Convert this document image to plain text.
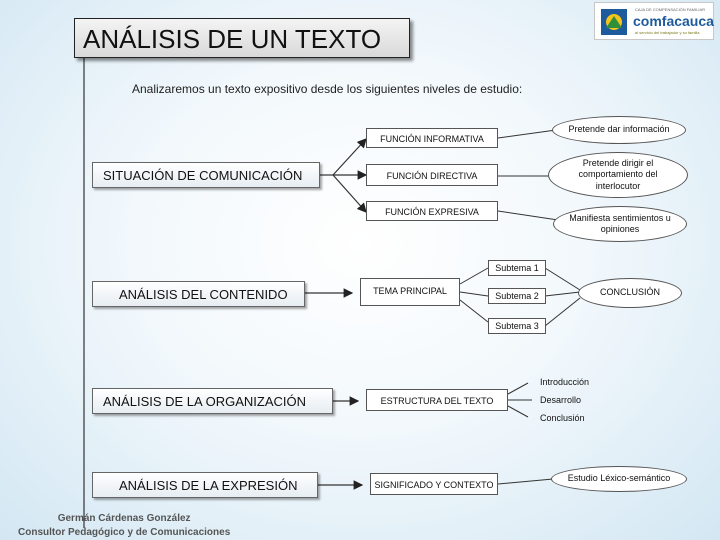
ANÁLISIS DE UN TEXTO
CAJA DE COMPENSACIÓN FAMILIAR
comfacauca
al servicio del trabajador y su familia
Analizaremos un texto expositivo desde los siguientes niveles de estudio:
SITUACIÓN DE COMUNICACIÓN
FUNCIÓN INFORMATIVA
FUNCIÓN DIRECTIVA
FUNCIÓN EXPRESIVA
Pretende dar información
Pretende dirigir el comportamiento del interlocutor
Manifiesta sentimientos u opiniones
ANÁLISIS DEL CONTENIDO	TEMA PRINCIPAL
Subtema 1
Subtema 2
Subtema 3
CONCLUSIÓN
ANÁLISIS DE LA ORGANIZACIÓN	ESTRUCTURA DEL TEXTO
Introducción
Desarrollo
Conclusión
ANÁLISIS DE LA EXPRESIÓN	SIGNIFICADO Y CONTEXTO
Estudio Léxico-semántico
Germán Cárdenas González
Consultor Pedagógico y de Comunicaciones
